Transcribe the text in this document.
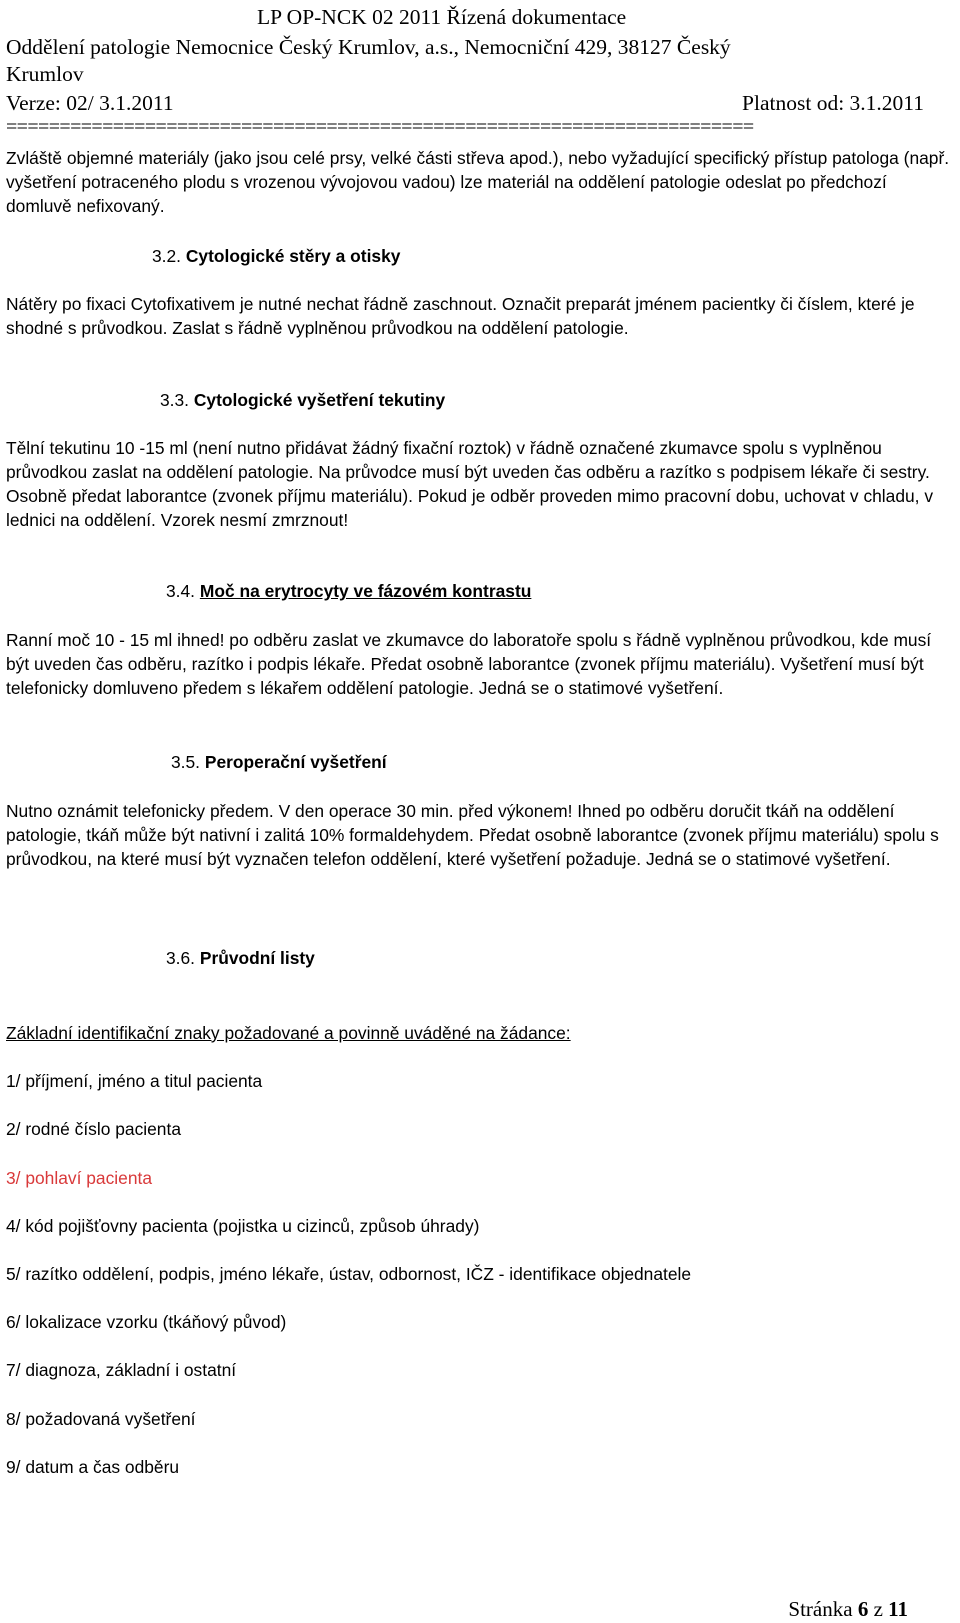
LP OP-NCK 02 2011 Řízená dokumentace
Oddělení patologie Nemocnice Český Krumlov, a.s., Nemocniční 429, 38127 Český
Krumlov
Verze: 02/ 3.1.2011	Platnost od: 3.1.2011
======================================================================
Zvláště objemné materiály (jako jsou celé prsy, velké části střeva apod.), nebo vyžadující specifický přístup patologa (např. vyšetření potraceného plodu s vrozenou vývojovou vadou) lze materiál na oddělení patologie odeslat po předchozí domluvě nefixovaný.
3.2. Cytologické stěry a otisky
Nátěry po fixaci Cytofixativem je nutné nechat řádně zaschnout. Označit preparát jménem pacientky či číslem, které je shodné s průvodkou. Zaslat s řádně vyplněnou průvodkou na oddělení patologie.
3.3. Cytologické vyšetření tekutiny
Tělní tekutinu 10 -15 ml (není nutno přidávat žádný fixační roztok) v řádně označené zkumavce spolu s vyplněnou průvodkou zaslat na oddělení patologie. Na průvodce musí být uveden čas odběru a razítko s podpisem lékaře či sestry. Osobně předat laborantce (zvonek příjmu materiálu). Pokud je odběr proveden mimo pracovní dobu, uchovat v chladu, v lednici na oddělení. Vzorek nesmí zmrznout!
3.4. Moč na erytrocyty ve fázovém kontrastu
Ranní moč 10 - 15 ml ihned! po odběru zaslat ve zkumavce do laboratoře spolu s řádně vyplněnou průvodkou, kde musí být uveden čas odběru, razítko i podpis lékaře. Předat osobně laborantce (zvonek příjmu materiálu). Vyšetření musí být telefonicky domluveno předem s lékařem oddělení patologie. Jedná se o statimové vyšetření.
3.5. Peroperační vyšetření
Nutno oznámit telefonicky předem. V den operace 30 min. před výkonem! Ihned po odběru doručit tkáň na oddělení patologie, tkáň může být nativní i zalitá 10% formaldehydem. Předat osobně laborantce (zvonek příjmu materiálu) spolu s průvodkou, na které musí být vyznačen telefon oddělení, které vyšetření požaduje. Jedná se o statimové vyšetření.
3.6. Průvodní listy
Základní identifikační znaky požadované a povinně uváděné na žádance:
1/ příjmení, jméno a titul pacienta
2/ rodné číslo pacienta
3/ pohlaví pacienta
4/ kód pojišťovny pacienta (pojistka u cizinců, způsob úhrady)
5/ razítko oddělení, podpis, jméno lékaře, ústav, odbornost, IČZ - identifikace objednatele
6/ lokalizace vzorku (tkáňový původ)
7/ diagnoza, základní i ostatní
8/ požadovaná vyšetření
9/ datum a čas odběru
Stránka 6 z 11
